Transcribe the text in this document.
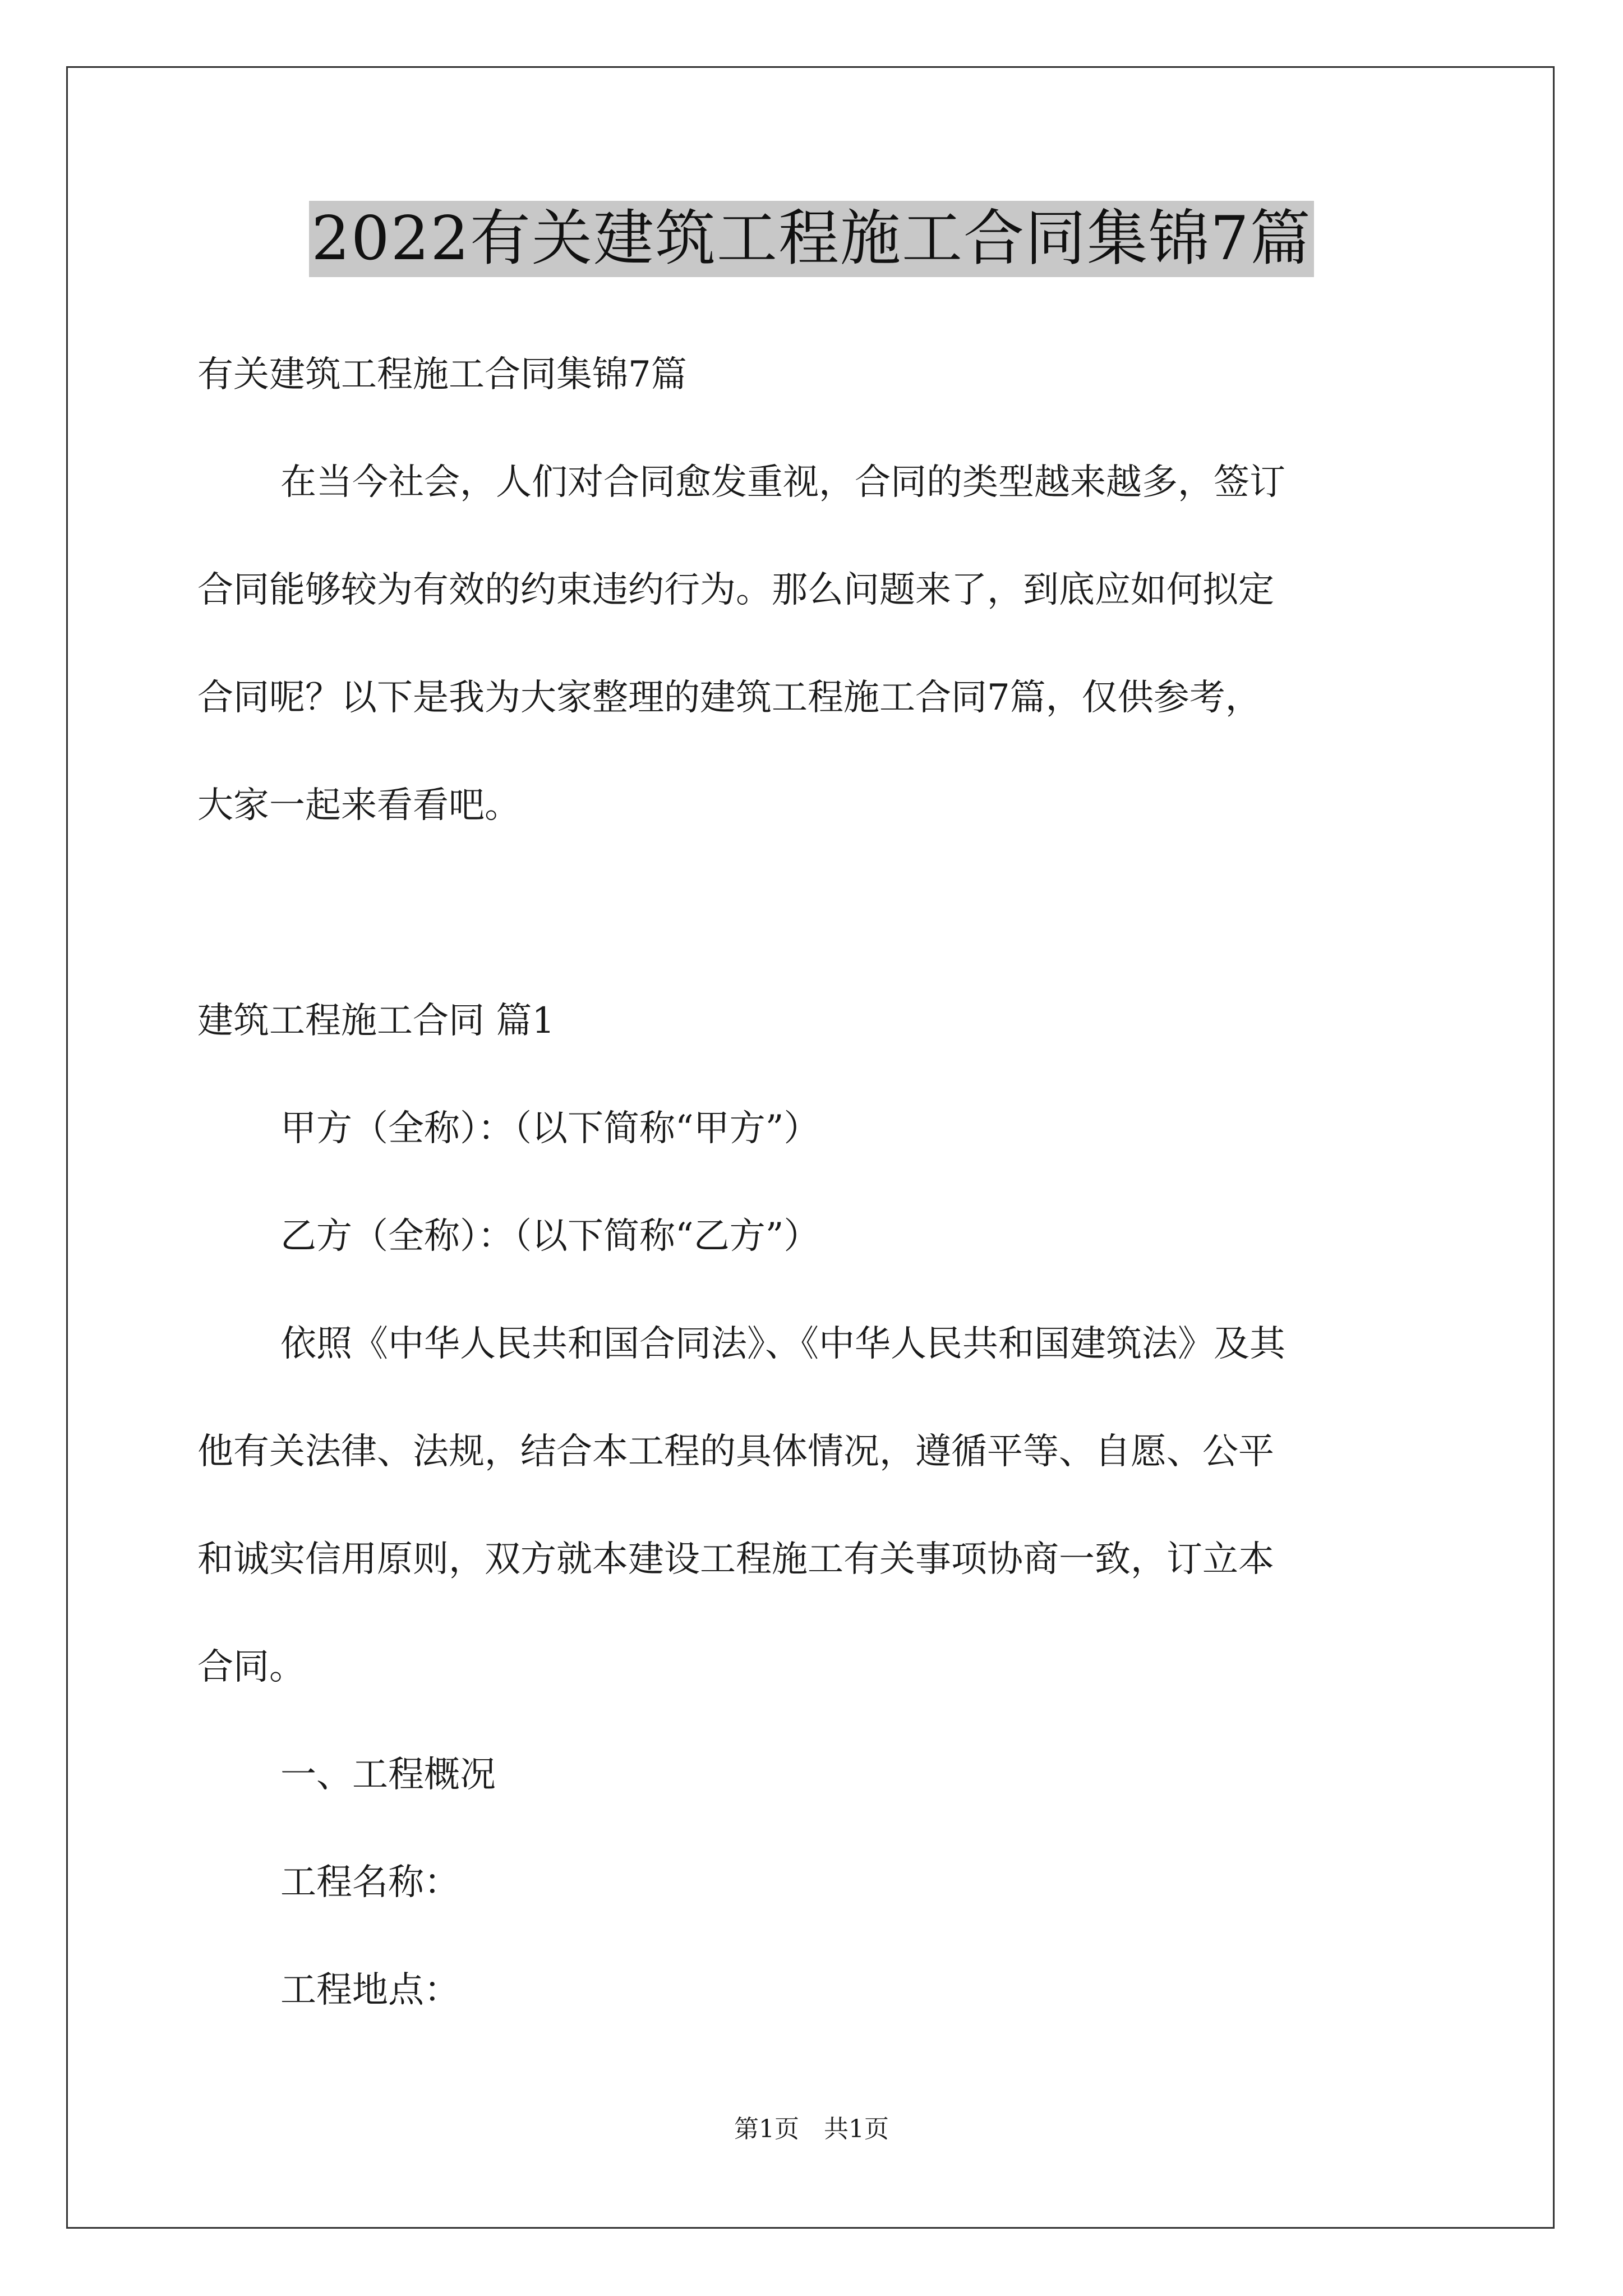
2022有关建筑工程施工合同集锦7篇
有关建筑工程施工合同集锦7篇
在当今社会，人们对合同愈发重视，合同的类型越来越多，签订
合同能够较为有效的约束违约行为。那么问题来了，到底应如何拟定
合同呢？以下是我为大家整理的建筑工程施工合同7篇，仅供参考，
大家一起来看看吧。
建筑工程施工合同 篇1
甲方（全称）：（以下简称“甲方”）
乙方（全称）：（以下简称“乙方”）
依照《中华人民共和国合同法》、《中华人民共和国建筑法》及其
他有关法律、法规，结合本工程的具体情况，遵循平等、自愿、公平
和诚实信用原则，双方就本建设工程施工有关事项协商一致，订立本
合同。
一、工程概况
工程名称：
工程地点：
第1页　共1页
